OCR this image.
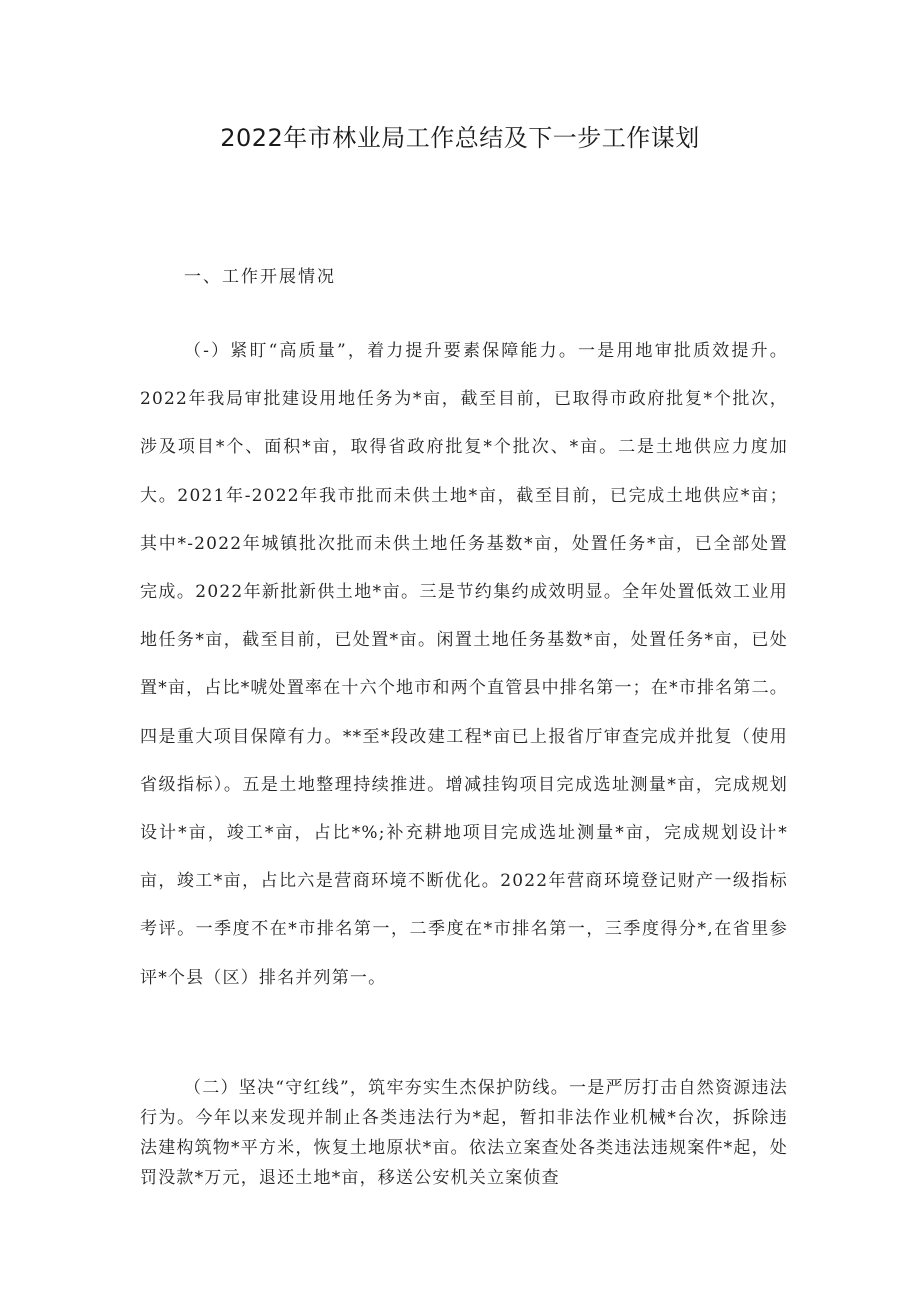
2022年市林业局工作总结及下一步工作谋划
一、工作开展情况
（-）紧盯“高质量”，着力提升要素保障能力。一是用地审批质效提升。2022年我局审批建设用地任务为*亩，截至目前，已取得市政府批复*个批次，涉及项目*个、面积*亩，取得省政府批复*个批次、*亩。二是土地供应力度加大。2021年-2022年我市批而未供土地*亩，截至目前，已完成土地供应*亩；其中*-2022年城镇批次批而未供土地任务基数*亩，处置任务*亩，已全部处置完成。2022年新批新供土地*亩。三是节约集约成效明显。全年处置低效工业用地任务*亩，截至目前，已处置*亩。闲置土地任务基数*亩，处置任务*亩，已处置*亩，占比*唬处置率在十六个地市和两个直管县中排名第一；在*市排名第二。四是重大项目保障有力。**至*段改建工程*亩已上报省厅审查完成并批复（使用省级指标）。五是土地整理持续推进。增减挂钩项目完成选址测量*亩，完成规划设计*亩，竣工*亩，占比*%;补充耕地项目完成选址测量*亩，完成规划设计*亩，竣工*亩，占比六是营商环境不断优化。2022年营商环境登记财产一级指标考评。一季度不在*市排名第一，二季度在*市排名第一，三季度得分*,在省里参评*个县（区）排名并列第一。
（二）坚决“守红线”，筑牢夯实生杰保护防线。一是严厉打击自然资源违法行为。今年以来发现并制止各类违法行为*起，暂扣非法作业机械*台次，拆除违法建构筑物*平方米，恢复土地原状*亩。依法立案查处各类违法违规案件*起，处罚没款*万元，退还土地*亩，移送公安机关立案侦查
